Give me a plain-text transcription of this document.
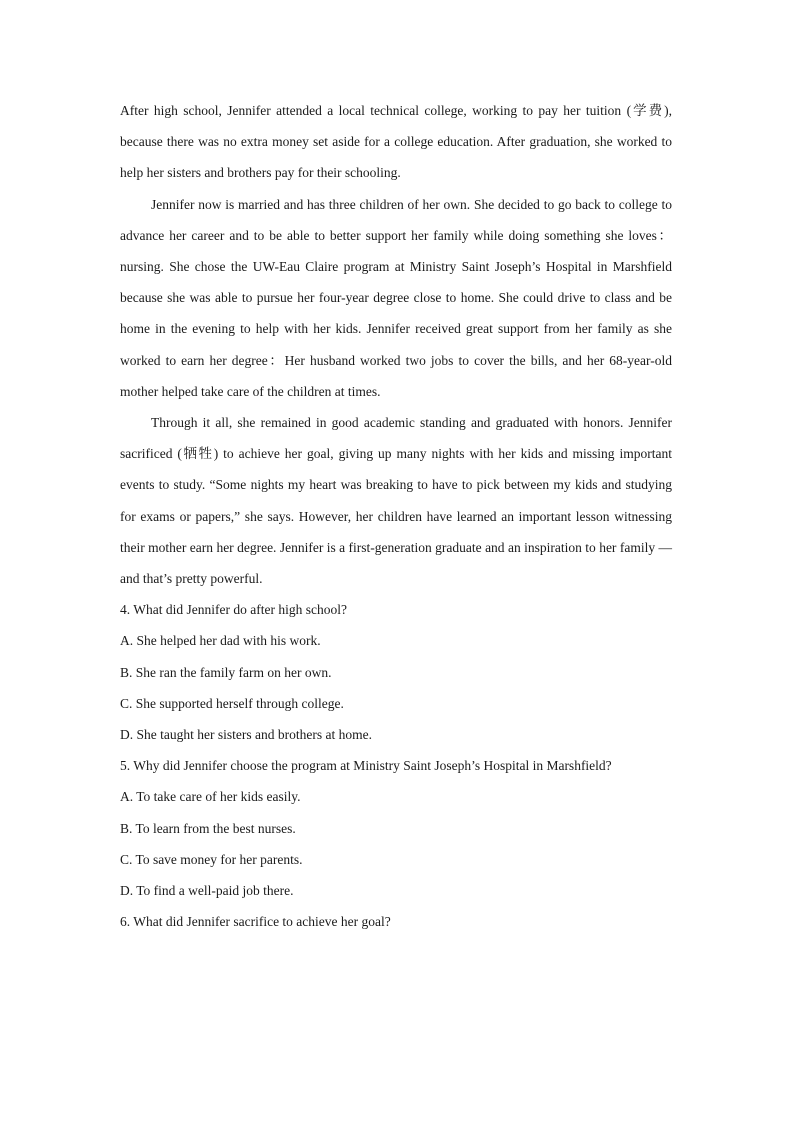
After high school, Jennifer attended a local technical college, working to pay her tuition (学费), because there was no extra money set aside for a college education. After graduation, she worked to help her sisters and brothers pay for their schooling.

Jennifer now is married and has three children of her own. She decided to go back to college to advance her career and to be able to better support her family while doing something she loves：nursing. She chose the UW-Eau Claire program at Ministry Saint Joseph’s Hospital in Marshfield because she was able to pursue her four-year degree close to home. She could drive to class and be home in the evening to help with her kids. Jennifer received great support from her family as she worked to earn her degree：Her husband worked two jobs to cover the bills, and her 68-year-old mother helped take care of the children at times.

Through it all, she remained in good academic standing and graduated with honors. Jennifer sacrificed (牺牲) to achieve her goal, giving up many nights with her kids and missing important events to study. “Some nights my heart was breaking to have to pick between my kids and studying for exams or papers,” she says. However, her children have learned an important lesson witnessing their mother earn her degree. Jennifer is a first-generation graduate and an inspiration to her family —and that’s pretty powerful.

4. What did Jennifer do after high school?

A. She helped her dad with his work.

B. She ran the family farm on her own.

C. She supported herself through college.

D. She taught her sisters and brothers at home.

5. Why did Jennifer choose the program at Ministry Saint Joseph’s Hospital in Marshfield?

A. To take care of her kids easily.

B. To learn from the best nurses.

C. To save money for her parents.

D. To find a well-paid job there.

6. What did Jennifer sacrifice to achieve her goal?
